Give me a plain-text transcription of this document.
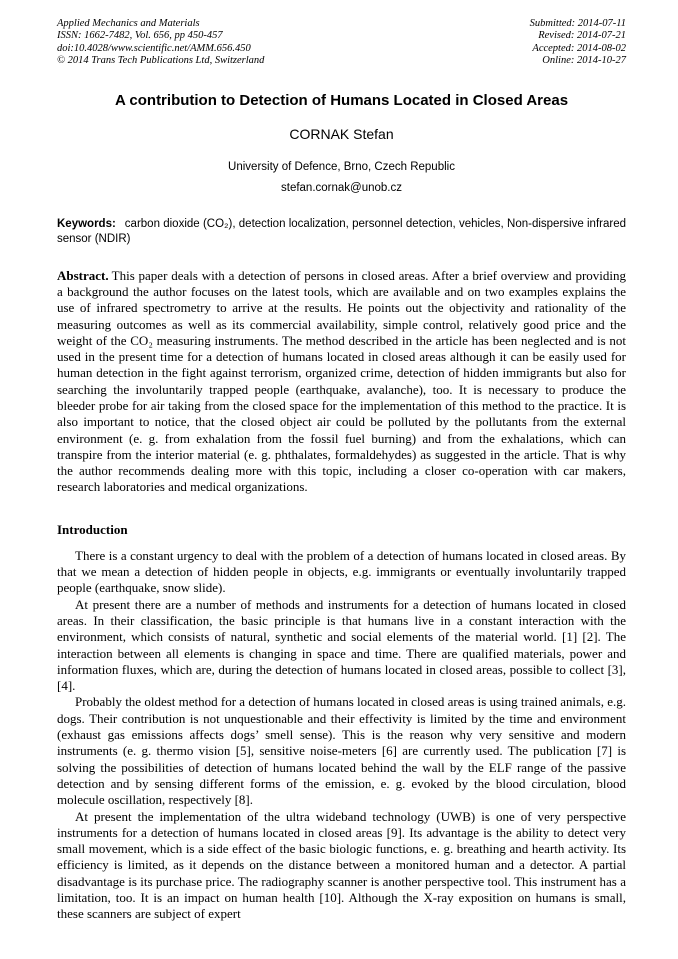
Applied Mechanics and Materials
ISSN: 1662-7482, Vol. 656, pp 450-457
doi:10.4028/www.scientific.net/AMM.656.450
© 2014 Trans Tech Publications Ltd, Switzerland
Submitted: 2014-07-11
Revised: 2014-07-21
Accepted: 2014-08-02
Online: 2014-10-27
A contribution to Detection of Humans Located in Closed Areas
CORNAK Stefan
University of Defence, Brno, Czech Republic
stefan.cornak@unob.cz

Keywords: carbon dioxide (CO₂), detection localization, personnel detection, vehicles, Non-dispersive infrared sensor (NDIR)

Abstract. This paper deals with a detection of persons in closed areas. After a brief overview and providing a background the author focuses on the latest tools, which are available and on two examples explains the use of infrared spectrometry to arrive at the results. He points out the objectivity and rationality of the measuring outcomes as well as its commercial availability, simple control, relatively good price and the weight of the CO₂ measuring instruments. The method described in the article has been neglected and is not used in the present time for a detection of humans located in closed areas although it can be easily used for human detection in the fight against terrorism, organized crime, detection of hidden immigrants but also for searching the involuntarily trapped people (earthquake, avalanche), too. It is necessary to produce the bleeder probe for air taking from the closed space for the implementation of this method to the practice. It is also important to notice, that the closed object air could be polluted by the pollutants from the external environment (e. g. from exhalation from the fossil fuel burning) and from the exhalations, which can transpire from the interior material (e. g. phthalates, formaldehydes) as suggested in the article. That is why the author recommends dealing more with this topic, including a closer co-operation with car makers, research laboratories and medical organizations.

Introduction

There is a constant urgency to deal with the problem of a detection of humans located in closed areas. By that we mean a detection of hidden people in objects, e.g. immigrants or eventually involuntarily trapped people (earthquake, snow slide).

At present there are a number of methods and instruments for a detection of humans located in closed areas. In their classification, the basic principle is that humans live in a constant interaction with the environment, which consists of natural, synthetic and social elements of the material world. [1] [2]. The interaction between all elements is changing in space and time. There are qualified materials, power and information fluxes, which are, during the detection of humans located in closed areas, possible to collect [3], [4].

Probably the oldest method for a detection of humans located in closed areas is using trained animals, e.g. dogs. Their contribution is not unquestionable and their effectivity is limited by the time and environment (exhaust gas emissions affects dogs’ smell sense). This is the reason why very sensitive and modern instruments (e. g. thermo vision [5], sensitive noise-meters [6] are currently used. The publication [7] is solving the possibilities of detection of humans located behind the wall by the ELF range of the passive detection and by sensing different forms of the emission, e. g. evoked by the blood circulation, blood molecule oscillation, respectively [8].

At present the implementation of the ultra wideband technology (UWB) is one of very perspective instruments for a detection of humans located in closed areas [9]. Its advantage is the ability to detect very small movement, which is a side effect of the basic biologic functions, e. g. breathing and hearth activity. Its efficiency is limited, as it depends on the distance between a monitored human and a detector. A partial disadvantage is its purchase price. The radiography scanner is another perspective tool. This instrument has a limitation, too. It is an impact on human health [10]. Although the X-ray exposition on humans is small, these scanners are subject of expert
